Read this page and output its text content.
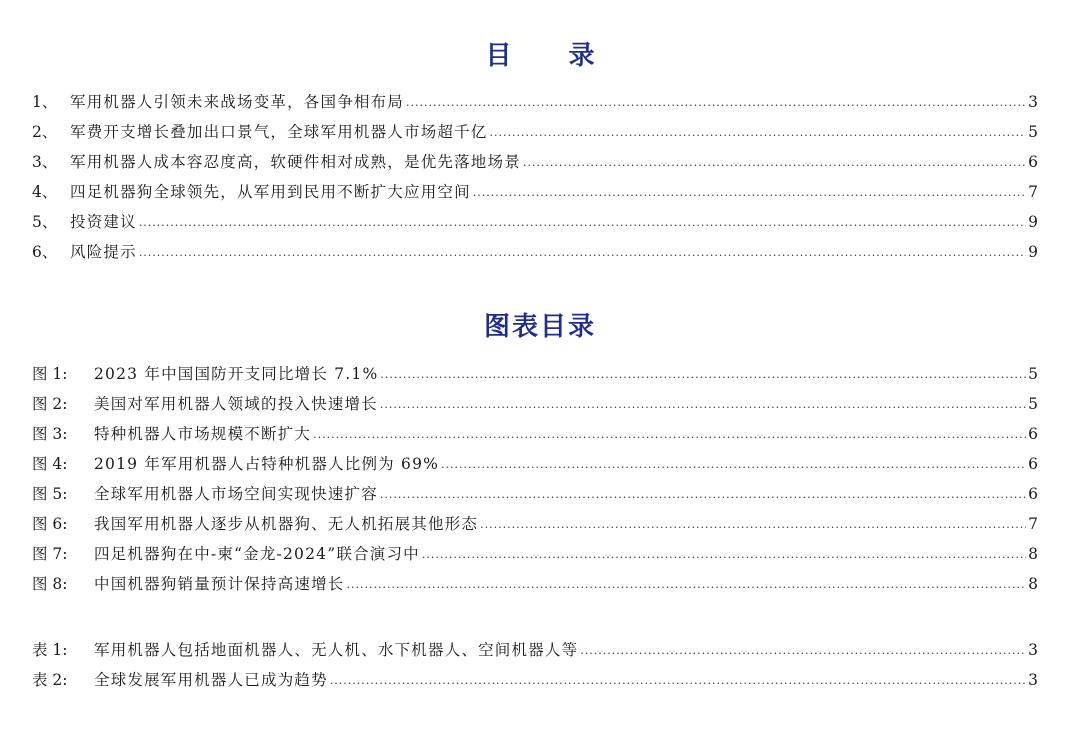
目 录
1、 军用机器人引领未来战场变革，各国争相布局 .....	3
2、 军费开支增长叠加出口景气，全球军用机器人市场超千亿 .....	5
3、 军用机器人成本容忍度高，软硬件相对成熟，是优先落地场景 .....	6
4、 四足机器狗全球领先，从军用到民用不断扩大应用空间 .....	7
5、 投资建议 .....	9
6、 风险提示 .....	9
图表目录
图 1:	2023 年中国国防开支同比增长 7.1% .....	5
图 2:	美国对军用机器人领域的投入快速增长 .....	5
图 3:	特种机器人市场规模不断扩大 .....	6
图 4:	2019 年军用机器人占特种机器人比例为 69% .....	6
图 5:	全球军用机器人市场空间实现快速扩容 .....	6
图 6:	我国军用机器人逐步从机器狗、无人机拓展其他形态 .....	7
图 7:	四足机器狗在中-柬“金龙-2024”联合演习中 .....	8
图 8:	中国机器狗销量预计保持高速增长 .....	8
表 1:	军用机器人包括地面机器人、无人机、水下机器人、空间机器人等 .....	3
表 2:	全球发展军用机器人已成为趋势 .....	3
